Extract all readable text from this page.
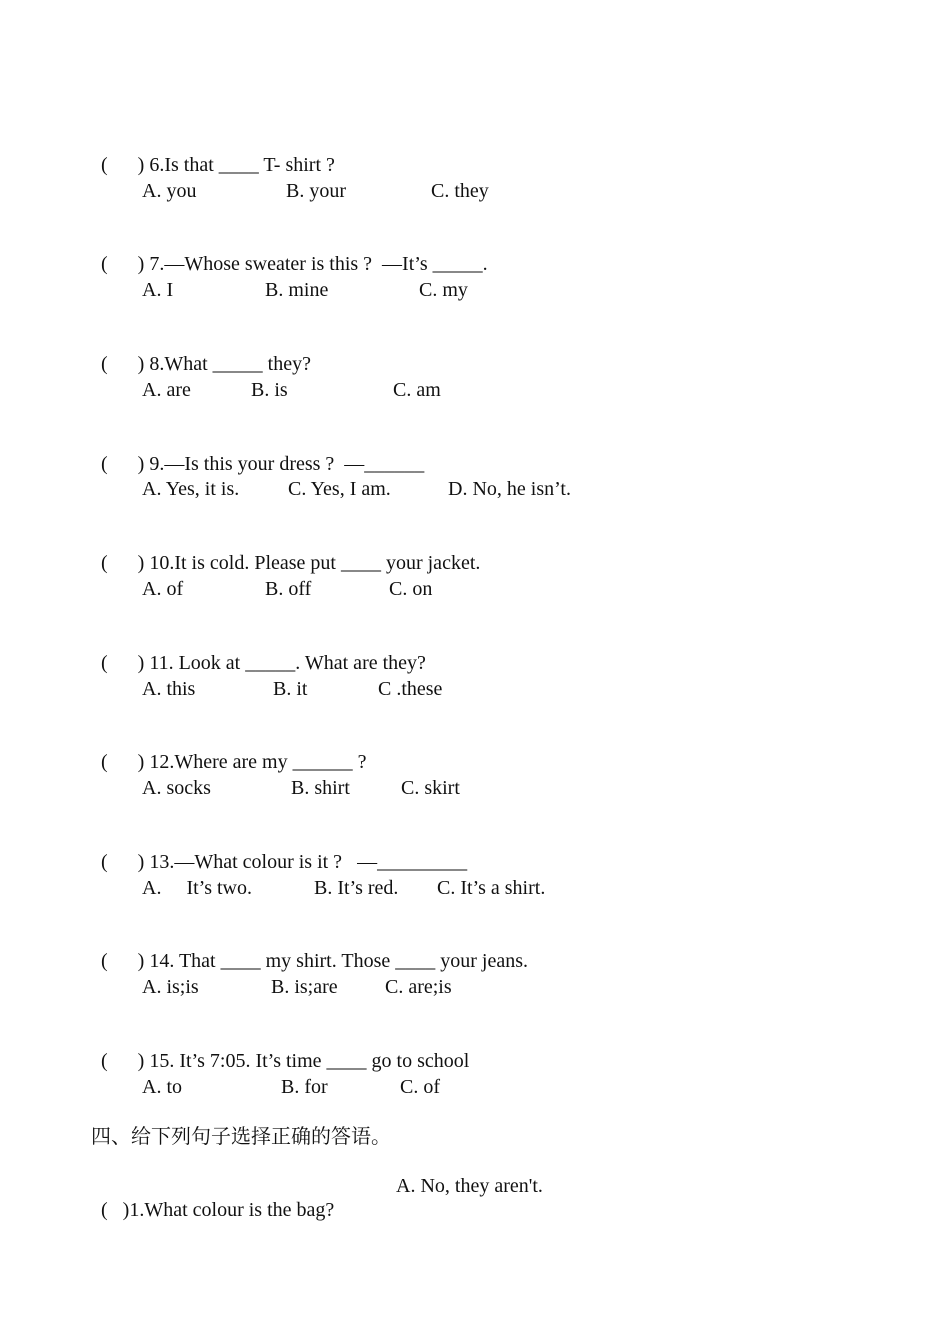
(      ) 6.Is that ____ T- shirt ?

A. you

	B. your

	C. they

(      ) 7.—Whose sweater is this ?  —It’s _____.

A. I

	B. mine

	C. my

(      ) 8.What _____ they?

A. are

	B. is

	C. am

(      ) 9.—Is this your dress ?  —______

A. Yes, it is.

C. Yes, I am.

	D. No, he isn’t.

(      ) 10.It is cold. Please put ____ your jacket.

A. of

	B. off

	C. on

(      ) 11. Look at _____. What are they?

A. this

	B. it

	C .these

(      ) 12.Where are my ______ ?

A. socks

	B. shirt

	C. skirt

(      ) 13.—What colour is it ?   —_________

A.     It’s two.

	B. It’s red.

C. It’s a shirt.

(      ) 14. That ____ my shirt. Those ____ your jeans.

A. is;is

	B. is;are

C. are;is

(      ) 15. It’s 7:05. It’s time ____ go to school

A. to

	B. for

	C. of

四、给下列句子选择正确的答语。

(   )1.What colour is the bag?

A. No, they aren't.
